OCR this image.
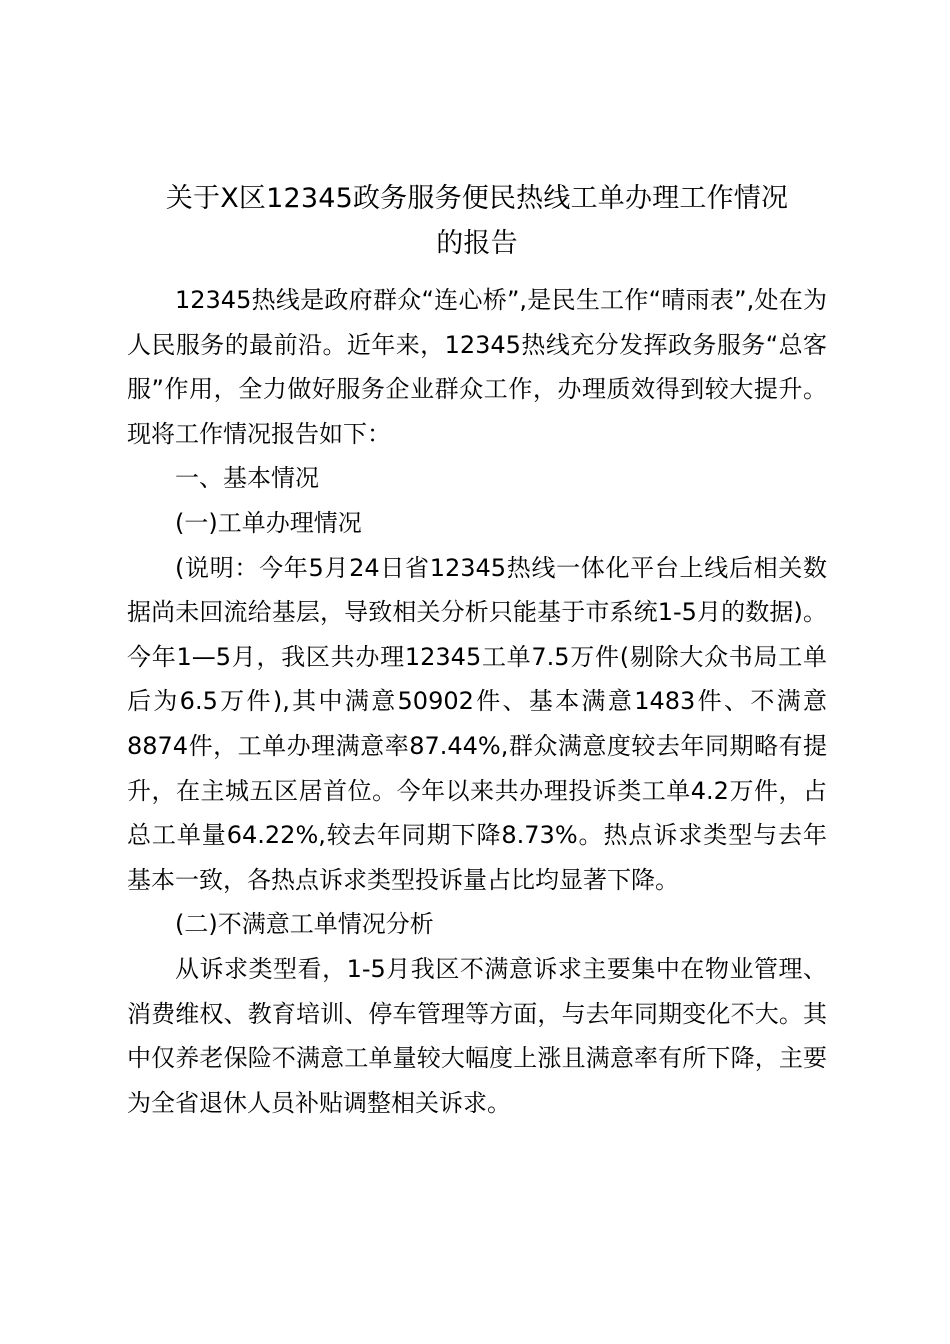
关于X区12345政务服务便民热线工单办理工作情况
的报告

12345热线是政府群众“连心桥”,是民生工作“晴雨表”,处在为人民服务的最前沿。近年来，12345热线充分发挥政务服务“总客服”作用，全力做好服务企业群众工作，办理质效得到较大提升。现将工作情况报告如下：

一、基本情况

(一)工单办理情况

(说明：今年5月24日省12345热线一体化平台上线后相关数据尚未回流给基层，导致相关分析只能基于市系统1-5月的数据)。今年1—5月，我区共办理12345工单7.5万件(剔除大众书局工单后为6.5万件),其中满意50902件、基本满意1483件、不满意8874件，工单办理满意率87.44%,群众满意度较去年同期略有提升，在主城五区居首位。今年以来共办理投诉类工单4.2万件，占总工单量64.22%,较去年同期下降8.73%。热点诉求类型与去年基本一致，各热点诉求类型投诉量占比均显著下降。

(二)不满意工单情况分析

从诉求类型看，1-5月我区不满意诉求主要集中在物业管理、消费维权、教育培训、停车管理等方面，与去年同期变化不大。其中仅养老保险不满意工单量较大幅度上涨且满意率有所下降，主要为全省退休人员补贴调整相关诉求。
